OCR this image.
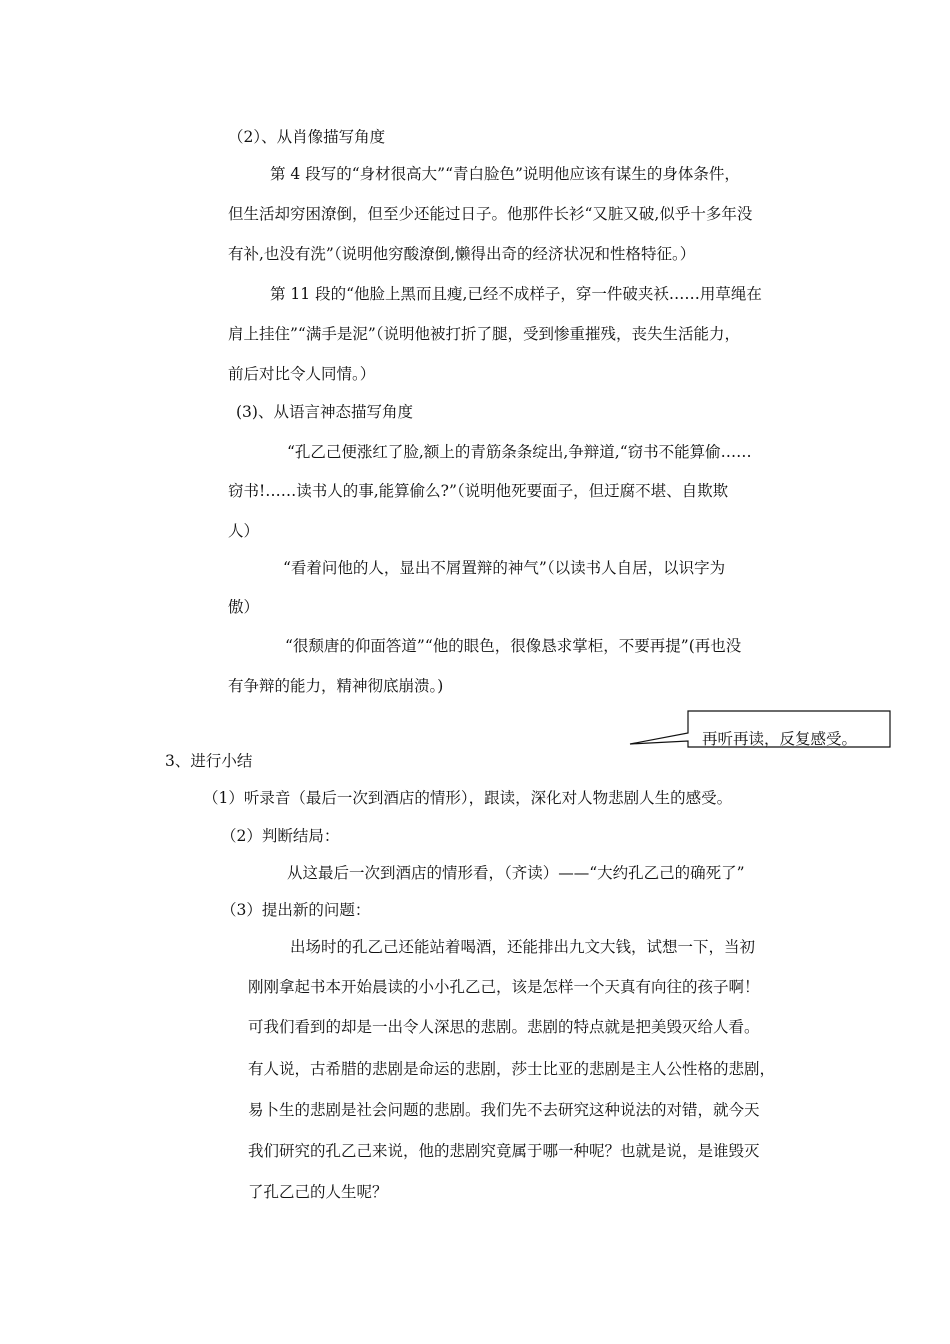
（2）、从肖像描写角度
第 4 段写的“身材很高大”“青白脸色”说明他应该有谋生的身体条件，
但生活却穷困潦倒，但至少还能过日子。他那件长衫“又脏又破,似乎十多年没
有补,也没有洗”（说明他穷酸潦倒,懒得出奇的经济状况和性格特征。）
第 11 段的“他脸上黑而且瘦,已经不成样子，穿一件破夹袄……用草绳在
肩上挂住”“满手是泥”（说明他被打折了腿，受到惨重摧残，丧失生活能力，
前后对比令人同情。）
(3)、从语言神态描写角度
“孔乙己便涨红了脸,额上的青筋条条绽出,争辩道,“窃书不能算偷……
窃书!……读书人的事,能算偷么?”（说明他死要面子，但迂腐不堪、自欺欺
人）
“看着问他的人，显出不屑置辩的神气”（以读书人自居，以识字为
傲）
“很颓唐的仰面答道”“他的眼色，很像恳求掌柜，不要再提”(再也没
有争辩的能力，精神彻底崩溃。)
再听再读，反复感受。
3、进行小结
（1）听录音（最后一次到酒店的情形），跟读，深化对人物悲剧人生的感受。
（2）判断结局：
从这最后一次到酒店的情形看，（齐读）——“大约孔乙己的确死了”
（3）提出新的问题：
出场时的孔乙己还能站着喝酒，还能排出九文大钱，试想一下，当初
刚刚拿起书本开始晨读的小小孔乙己，该是怎样一个天真有向往的孩子啊！
可我们看到的却是一出令人深思的悲剧。悲剧的特点就是把美毁灭给人看。
有人说，古希腊的悲剧是命运的悲剧，莎士比亚的悲剧是主人公性格的悲剧，
易卜生的悲剧是社会问题的悲剧。我们先不去研究这种说法的对错，就今天
我们研究的孔乙己来说，他的悲剧究竟属于哪一种呢？也就是说，是谁毁灭
了孔乙己的人生呢？
